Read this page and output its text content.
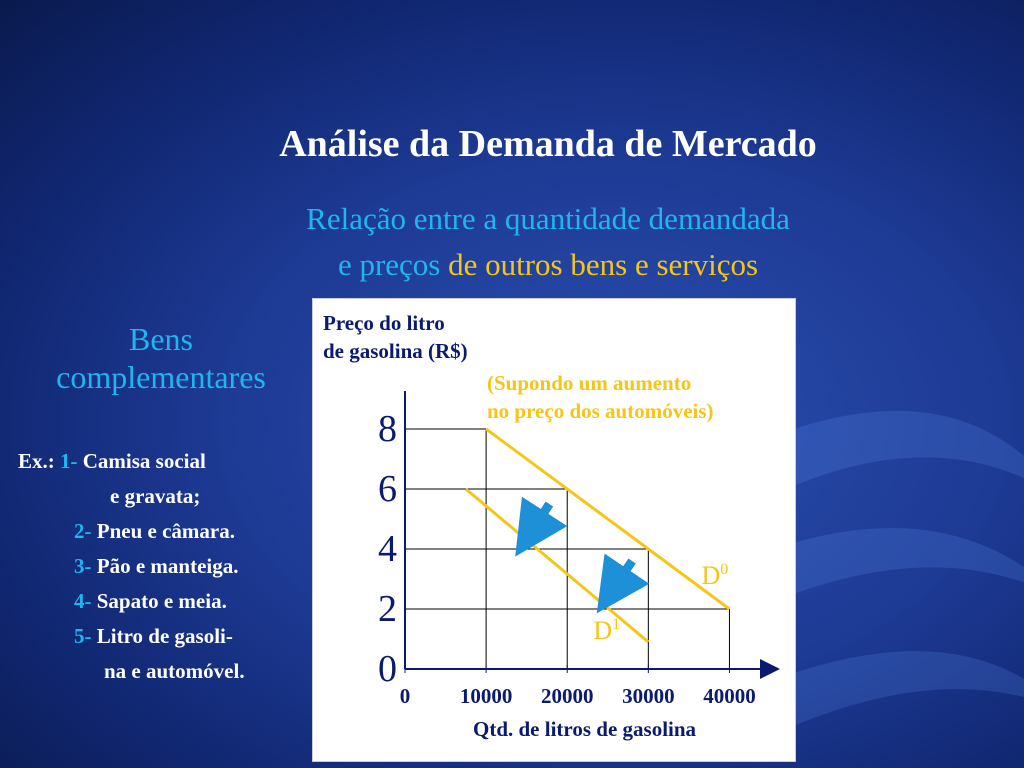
Análise da Demanda de Mercado
Relação entre a quantidade demandada
e preços de outros bens e serviços
Bens
complementares
Ex.: 1- Camisa social
e gravata;
2- Pneu e câmara.
3- Pão e manteiga.
4- Sapato e meia.
5- Litro de gasoli-
na e automóvel.	0
2
4
6
8
0 10000 20000 30000 40000
$D^0$
$D^1$
Preço do litro
de gasolina (R$)
(Supondo um aumento
no preço dos automóveis)
Qtd. de litros de gasolina
